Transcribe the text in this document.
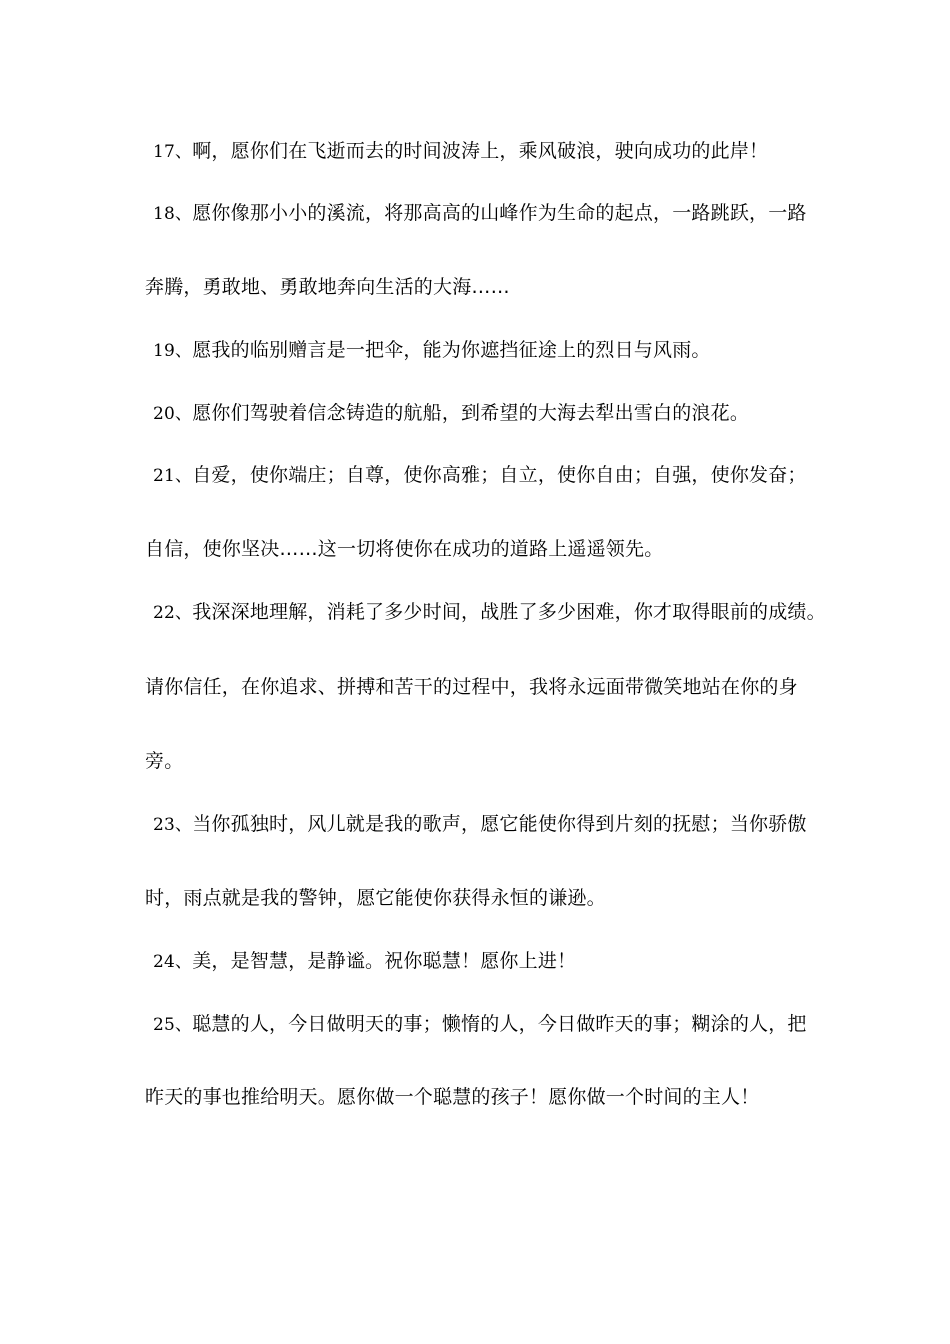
17、啊，愿你们在飞逝而去的时间波涛上，乘风破浪，驶向成功的此岸！
18、愿你像那小小的溪流，将那高高的山峰作为生命的起点，一路跳跃，一路
奔腾，勇敢地、勇敢地奔向生活的大海……
19、愿我的临别赠言是一把伞，能为你遮挡征途上的烈日与风雨。
20、愿你们驾驶着信念铸造的航船，到希望的大海去犁出雪白的浪花。
21、自爱，使你端庄；自尊，使你高雅；自立，使你自由；自强，使你发奋；
自信，使你坚决……这一切将使你在成功的道路上遥遥领先。
22、我深深地理解，消耗了多少时间，战胜了多少困难，你才取得眼前的成绩。
请你信任，在你追求、拼搏和苦干的过程中，我将永远面带微笑地站在你的身
旁。
23、当你孤独时，风儿就是我的歌声，愿它能使你得到片刻的抚慰；当你骄傲
时，雨点就是我的警钟，愿它能使你获得永恒的谦逊。
24、美，是智慧，是静谧。祝你聪慧！愿你上进！
25、聪慧的人，今日做明天的事；懒惰的人，今日做昨天的事；糊涂的人，把
昨天的事也推给明天。愿你做一个聪慧的孩子！愿你做一个时间的主人！
